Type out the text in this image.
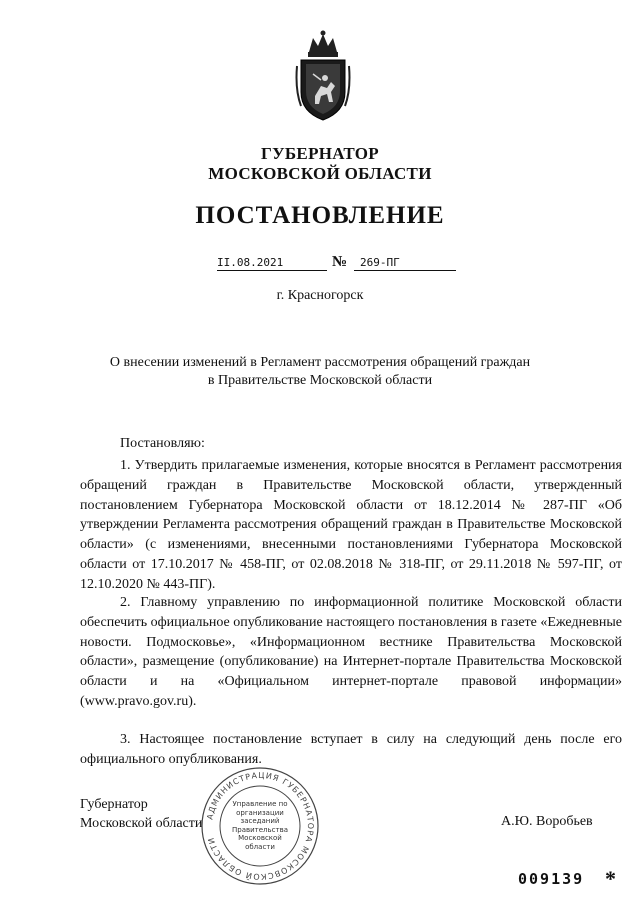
ГУБЕРНАТОР
МОСКОВСКОЙ ОБЛАСТИ
ПОСТАНОВЛЕНИЕ
II.08.2021	№	269-ПГ
г. Красногорск
О внесении изменений в Регламент рассмотрения обращений граждан
в Правительстве Московской области
Постановляю:
1. Утвердить прилагаемые изменения, которые вносятся в Регламент рассмотрения обращений граждан в Правительстве Московской области, утвержденный постановлением Губернатора Московской области от 18.12.2014 № 287-ПГ «Об утверждении Регламента рассмотрения обращений граждан в Правительстве Московской области» (с изменениями, внесенными постановлениями Губернатора Московской области от 17.10.2017 № 458-ПГ, от 02.08.2018 № 318-ПГ, от 29.11.2018 № 597-ПГ, от 12.10.2020 № 443-ПГ).
2. Главному управлению по информационной политике Московской области обеспечить официальное опубликование настоящего постановления в газете «Ежедневные новости. Подмосковье», «Информационном вестнике Правительства Московской области», размещение (опубликование) на Интернет-портале Правительства Московской области и на «Официальном интернет-портале правовой информации» (www.pravo.gov.ru).
3. Настоящее постановление вступает в силу на следующий день после его официального опубликования.
Губернатор
Московской области АДМИНИСТРАЦИЯ ГУБЕРНАТОРА МОСКОВСКОЙ ОБЛАСТИ
Управление по организации заседаний Правительства Московской области
А.Ю. Воробьев
009139 *
